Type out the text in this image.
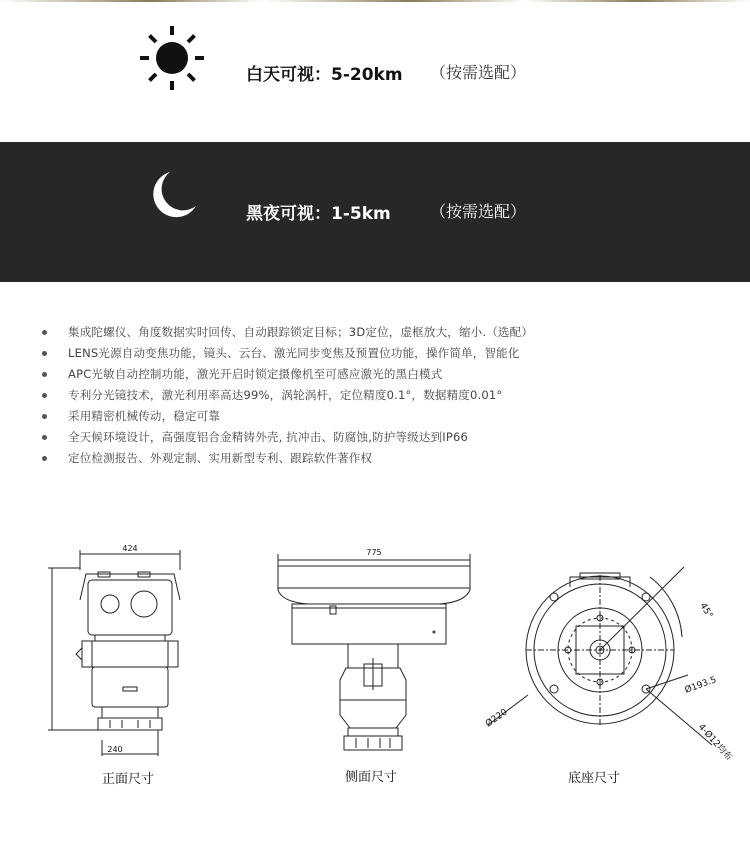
白天可视：5-20km （按需选配）
黑夜可视：1-5km （按需选配）
集成陀螺仪、角度数据实时回传、自动跟踪锁定目标；3D定位，虚框放大，缩小.（选配）
LENS光源自动变焦功能，镜头、云台、激光同步变焦及预置位功能，操作简单，智能化
APC光敏自动控制功能，激光开启时锁定摄像机至可感应激光的黑白模式
专利分光镜技术，激光利用率高达99%，涡轮涡杆，定位精度0.1°，数据精度0.01°
采用精密机械传动，稳定可靠
全天候环境设计，高强度铝合金精铸外壳, 抗冲击、防腐蚀,防护等级达到IP66
定位检测报告、外观定制、实用新型专利、跟踪软件著作权
424
240
正面尺寸
775
侧面尺寸
45°
Ø193.5
Ø220
4-Ø12均布
底座尺寸
